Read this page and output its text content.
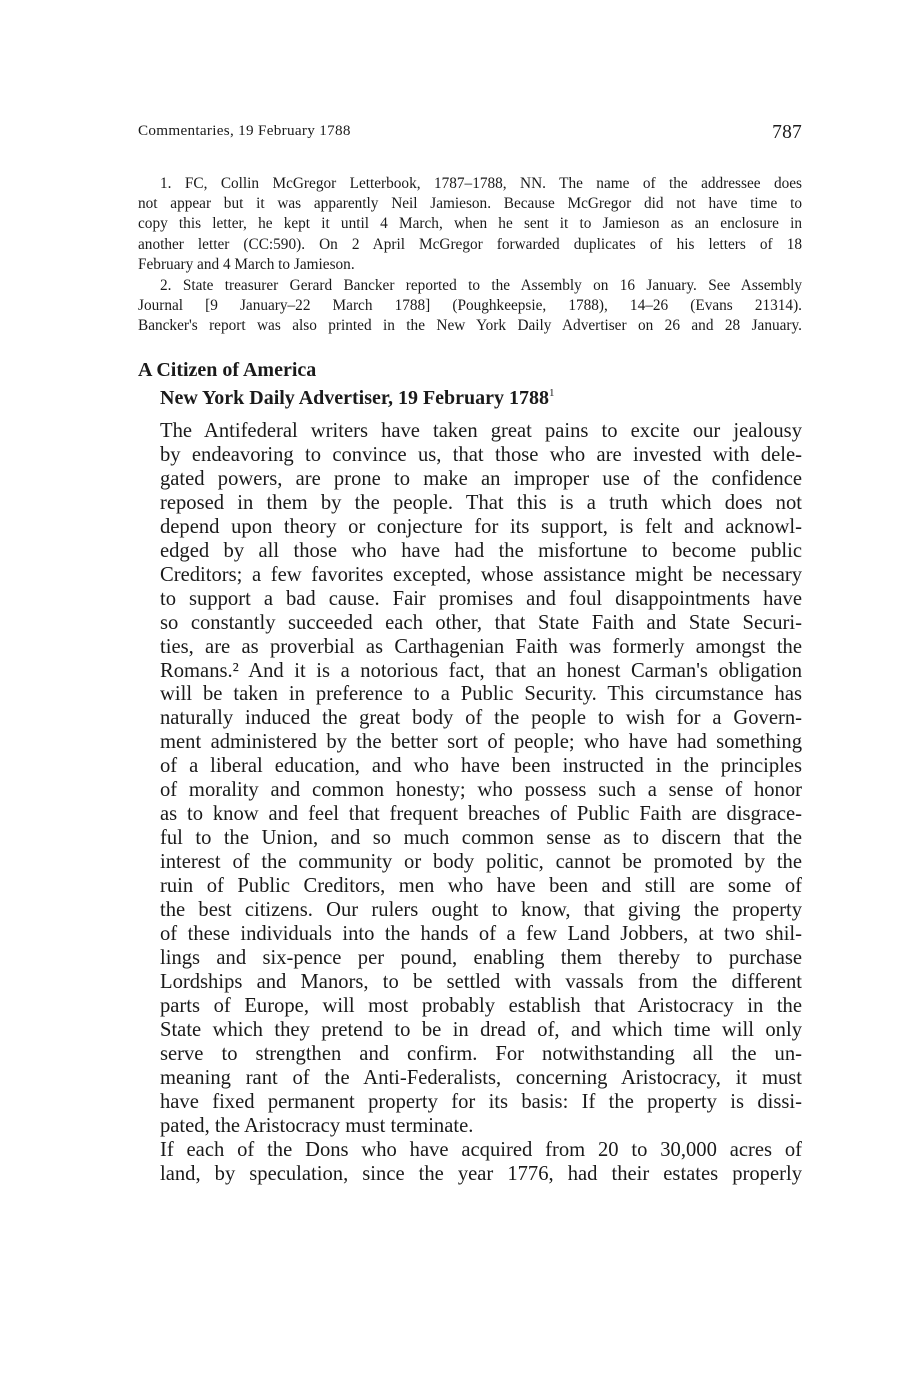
Commentaries, 19 February 1788	787
1. FC, Collin McGregor Letterbook, 1787–1788, NN. The name of the addressee does
not appear but it was apparently Neil Jamieson. Because McGregor did not have time to
copy this letter, he kept it until 4 March, when he sent it to Jamieson as an enclosure in
another letter (CC:590). On 2 April McGregor forwarded duplicates of his letters of 18
February and 4 March to Jamieson.
2. State treasurer Gerard Bancker reported to the Assembly on 16 January. See Assembly
Journal [9 January–22 March 1788] (Poughkeepsie, 1788), 14–26 (Evans 21314).
Bancker's report was also printed in the New York Daily Advertiser on 26 and 28 January.
A Citizen of America
New York Daily Advertiser, 19 February 1788$^1$
The Antifederal writers have taken great pains to excite our jealousy
by endeavoring to convince us, that those who are invested with dele-
gated powers, are prone to make an improper use of the confidence
reposed in them by the people. That this is a truth which does not
depend upon theory or conjecture for its support, is felt and acknowl-
edged by all those who have had the misfortune to become public
Creditors; a few favorites excepted, whose assistance might be necessary
to support a bad cause. Fair promises and foul disappointments have
so constantly succeeded each other, that State Faith and State Securi-
ties, are as proverbial as Carthagenian Faith was formerly amongst the
Romans.² And it is a notorious fact, that an honest Carman's obligation
will be taken in preference to a Public Security. This circumstance has
naturally induced the great body of the people to wish for a Govern-
ment administered by the better sort of people; who have had something
of a liberal education, and who have been instructed in the principles
of morality and common honesty; who possess such a sense of honor
as to know and feel that frequent breaches of Public Faith are disgrace-
ful to the Union, and so much common sense as to discern that the
interest of the community or body politic, cannot be promoted by the
ruin of Public Creditors, men who have been and still are some of
the best citizens. Our rulers ought to know, that giving the property
of these individuals into the hands of a few Land Jobbers, at two shil-
lings and six-pence per pound, enabling them thereby to purchase
Lordships and Manors, to be settled with vassals from the different
parts of Europe, will most probably establish that Aristocracy in the
State which they pretend to be in dread of, and which time will only
serve to strengthen and confirm. For notwithstanding all the un-
meaning rant of the Anti-Federalists, concerning Aristocracy, it must
have fixed permanent property for its basis: If the property is dissi-
pated, the Aristocracy must terminate.
If each of the Dons who have acquired from 20 to 30,000 acres of
land, by speculation, since the year 1776, had their estates properly
